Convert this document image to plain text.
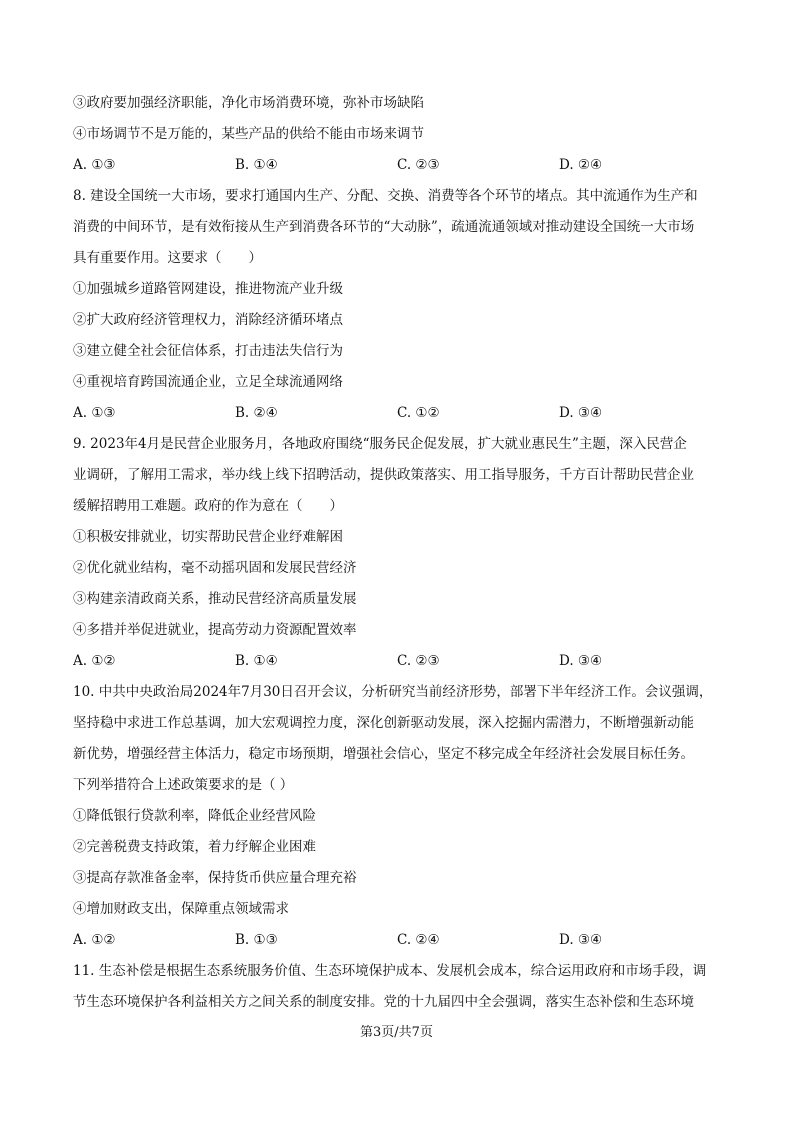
③政府要加强经济职能，净化市场消费环境，弥补市场缺陷
④市场调节不是万能的，某些产品的供给不能由市场来调节
A. ①③	B. ①④	C. ②③	D. ②④
8. 建设全国统一大市场，要求打通国内生产、分配、交换、消费等各个环节的堵点。其中流通作为生产和
消费的中间环节，是有效衔接从生产到消费各环节的“大动脉”，疏通流通领域对推动建设全国统一大市场
具有重要作用。这要求（　　）
①加强城乡道路管网建设，推进物流产业升级
②扩大政府经济管理权力，消除经济循环堵点
③建立健全社会征信体系，打击违法失信行为
④重视培育跨国流通企业，立足全球流通网络
A. ①③	B. ②④	C. ①②	D. ③④
9. 2023年4月是民营企业服务月，各地政府围绕“服务民企促发展，扩大就业惠民生”主题，深入民营企
业调研，了解用工需求，举办线上线下招聘活动，提供政策落实、用工指导服务，千方百计帮助民营企业
缓解招聘用工难题。政府的作为意在（　　）
①积极安排就业，切实帮助民营企业纾难解困
②优化就业结构，毫不动摇巩固和发展民营经济
③构建亲清政商关系，推动民营经济高质量发展
④多措并举促进就业，提高劳动力资源配置效率
A. ①②	B. ①④	C. ②③	D. ③④
10. 中共中央政治局2024年7月30日召开会议，分析研究当前经济形势，部署下半年经济工作。会议强调，
坚持稳中求进工作总基调，加大宏观调控力度，深化创新驱动发展，深入挖掘内需潜力，不断增强新动能
新优势，增强经营主体活力，稳定市场预期，增强社会信心，坚定不移完成全年经济社会发展目标任务。
下列举措符合上述政策要求的是（ ）
①降低银行贷款利率，降低企业经营风险
②完善税费支持政策，着力纾解企业困难
③提高存款准备金率，保持货币供应量合理充裕
④增加财政支出，保障重点领域需求
A. ①②	B. ①③	C. ②④	D. ③④
11. 生态补偿是根据生态系统服务价值、生态环境保护成本、发展机会成本，综合运用政府和市场手段，调
节生态环境保护各利益相关方之间关系的制度安排。党的十九届四中全会强调，落实生态补偿和生态环境
第3页/共7页
